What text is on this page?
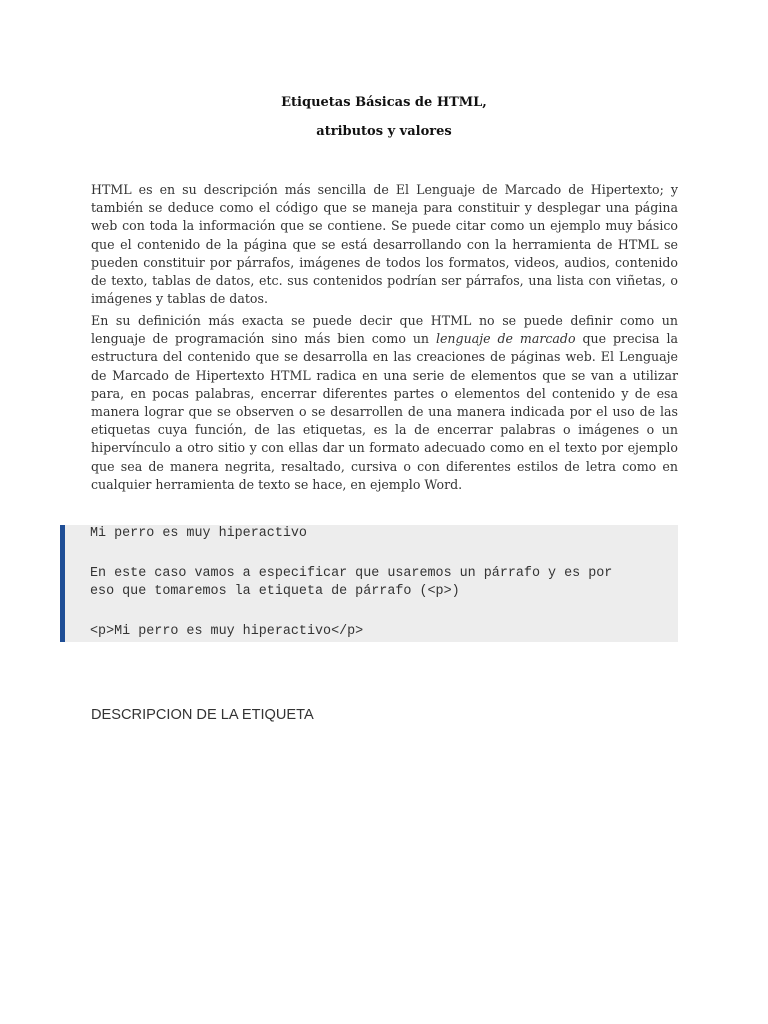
Etiquetas Básicas de HTML,
atributos y valores

HTML es en su descripción más sencilla de El Lenguaje de Marcado de Hipertexto; y también se deduce como el código que se maneja para constituir y desplegar una página web con toda la información que se contiene. Se puede citar como un ejemplo muy básico que el contenido de la página que se está desarrollando con la herramienta de HTML se pueden constituir por párrafos, imágenes de todos los formatos, videos, audios, contenido de texto, tablas de datos, etc. sus contenidos podrían ser párrafos, una lista con viñetas, o imágenes y tablas de datos.

En su definición más exacta se puede decir que HTML no se puede definir como un lenguaje de programación sino más bien como un lenguaje de marcado que precisa la estructura del contenido que se desarrolla en las creaciones de páginas web. El Lenguaje de Marcado de Hipertexto HTML radica en una serie de elementos que se van a utilizar para, en pocas palabras, encerrar diferentes partes o elementos del contenido y de esa manera lograr que se observen o se desarrollen de una manera indicada por el uso de las etiquetas cuya función, de las etiquetas, es la de encerrar palabras o imágenes o un hipervínculo a otro sitio y con ellas dar un formato adecuado como en el texto por ejemplo que sea de manera negrita, resaltado, cursiva o con diferentes estilos de letra como en cualquier herramienta de texto se hace, en ejemplo Word.

Mi perro es muy hiperactivo
En este caso vamos a especificar que usaremos un párrafo y es por
eso que tomaremos la etiqueta de párrafo (<p>)
<p>Mi perro es muy hiperactivo</p>
DESCRIPCION DE LA ETIQUETA
